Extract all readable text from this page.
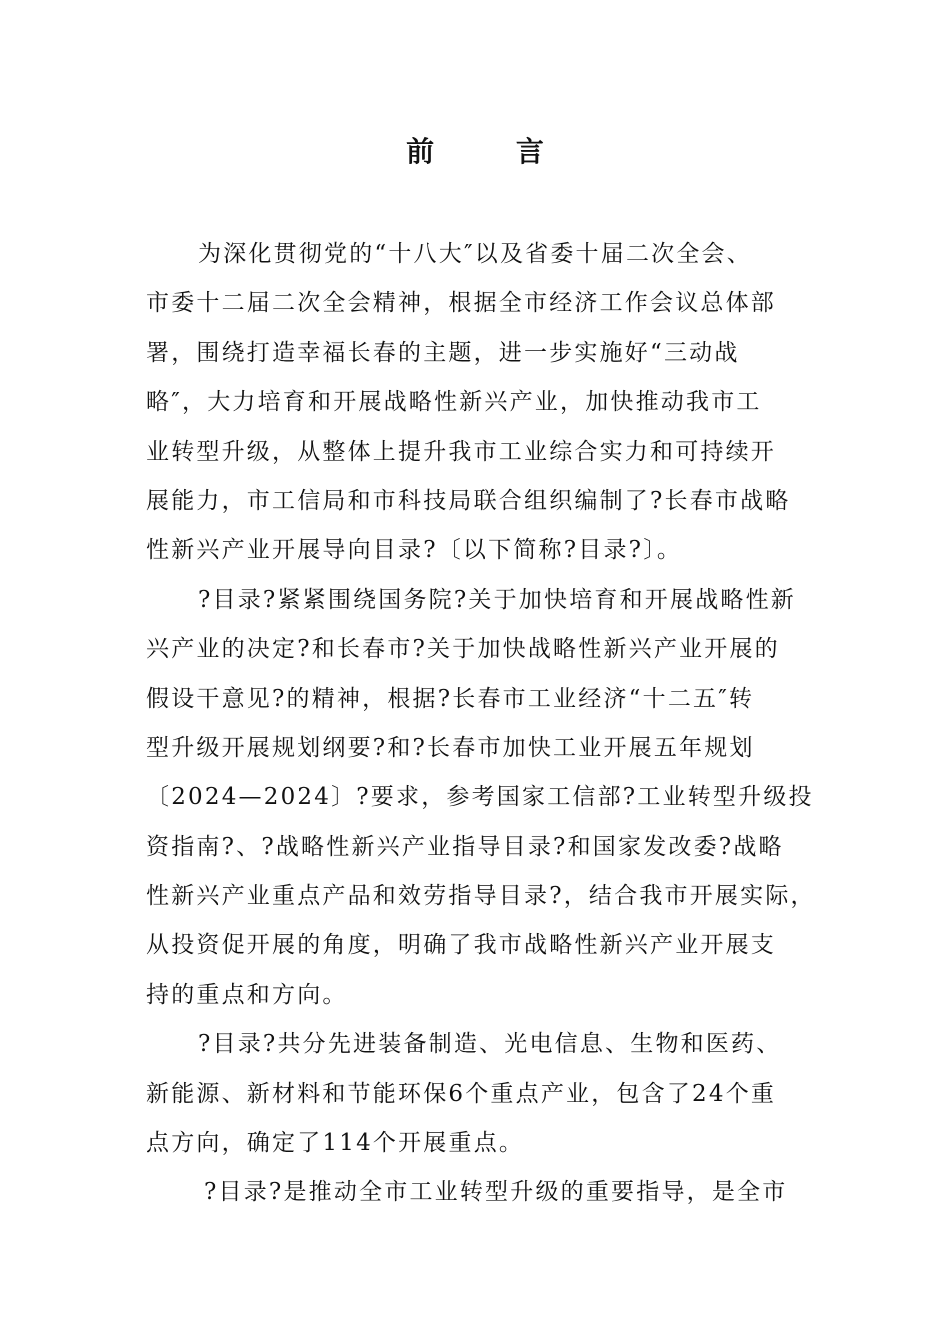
前 言
为深化贯彻党的“十八大″以及省委十届二次全会、
市委十二届二次全会精神，根据全市经济工作会议总体部
署，围绕打造幸福长春的主题，进一步实施好“三动战
略″，大力培育和开展战略性新兴产业，加快推动我市工
业转型升级，从整体上提升我市工业综合实力和可持续开
展能力，市工信局和市科技局联合组织编制了?长春市战略
性新兴产业开展导向目录?〔以下简称?目录?〕。
?目录?紧紧围绕国务院?关于加快培育和开展战略性新
兴产业的决定?和长春市?关于加快战略性新兴产业开展的
假设干意见?的精神，根据?长春市工业经济“十二五″转
型升级开展规划纲要?和?长春市加快工业开展五年规划
〔2024—2024〕?要求，参考国家工信部?工业转型升级投
资指南?、?战略性新兴产业指导目录?和国家发改委?战略
性新兴产业重点产品和效劳指导目录?，结合我市开展实际，
从投资促开展的角度，明确了我市战略性新兴产业开展支
持的重点和方向。
?目录?共分先进装备制造、光电信息、生物和医药、
新能源、新材料和节能环保6个重点产业，包含了24个重
点方向，确定了114个开展重点。
?目录?是推动全市工业转型升级的重要指导，是全市
